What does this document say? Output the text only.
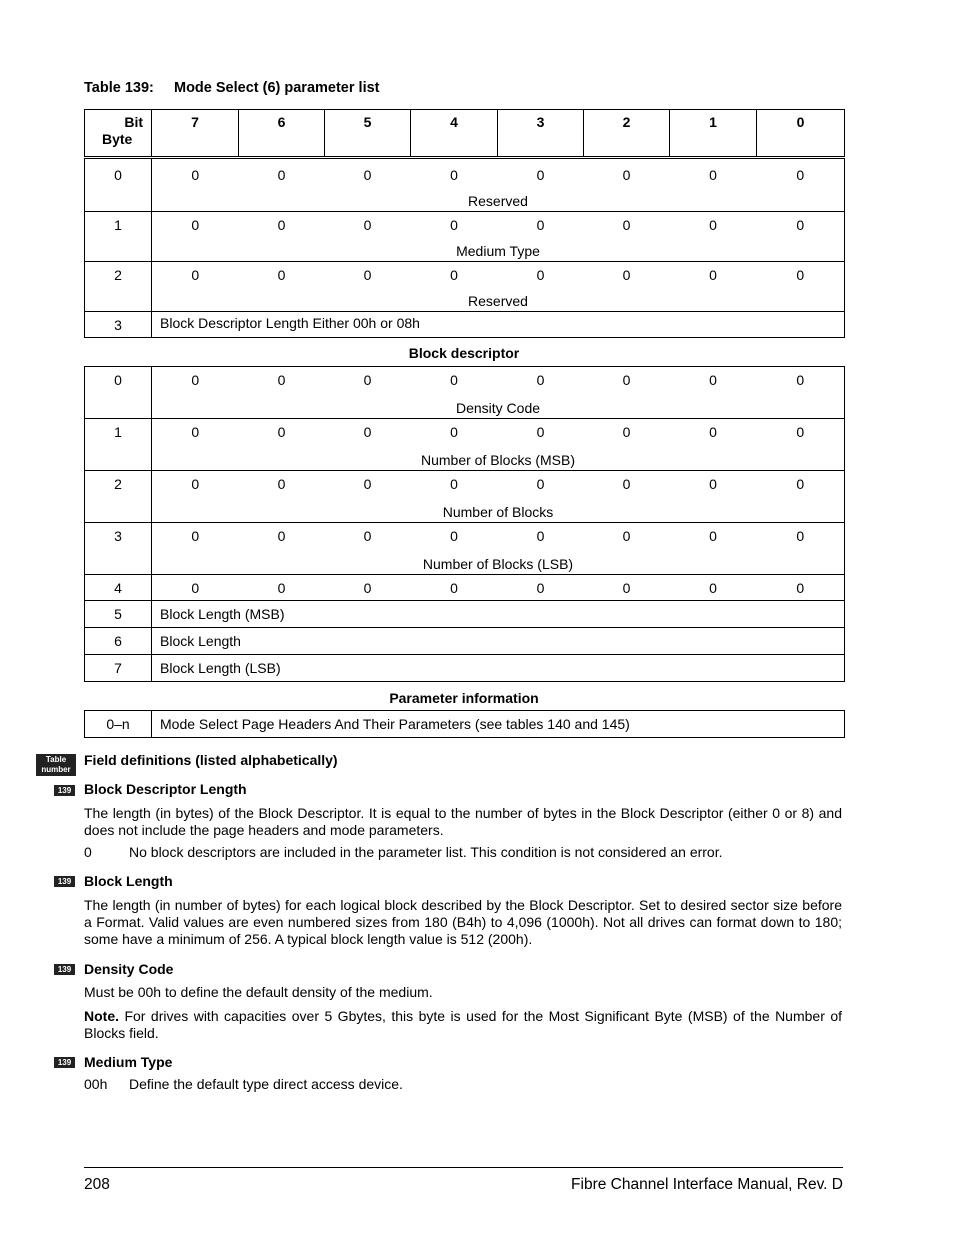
Table 139: Mode Select (6) parameter list
Bit
Byte	7	6	5	4	3	2	1	0
0	0	0	0	0	0	0	0	0
	Reserved							
1	0	0	0	0	0	0	0	0
	Medium Type							
2	0	0	0	0	0	0	0	0
	Reserved							
3	Block Descriptor Length Either 00h or 08h							
Block descriptor
0	0	0	0	0	0	0	0	0
	Density Code							
1	0	0	0	0	0	0	0	0
	Number of Blocks (MSB)							
2	0	0	0	0	0	0	0	0
	Number of Blocks							
3	0	0	0	0	0	0	0	0
	Number of Blocks (LSB)							
4	0	0	0	0	0	0	0	0
5	Block Length (MSB)							
6	Block Length							
7	Block Length (LSB)							
Parameter information
0–n	Mode Select Page Headers And Their Parameters (see tables 140 and 145)
Table
number
Field definitions (listed alphabetically)
139 Block Descriptor Length
The length (in bytes) of the Block Descriptor. It is equal to the number of bytes in the Block Descriptor (either 0 or 8) and does not include the page headers and mode parameters.
0	No block descriptors are included in the parameter list. This condition is not considered an error.
139 Block Length
The length (in number of bytes) for each logical block described by the Block Descriptor. Set to desired sector size before a Format. Valid values are even numbered sizes from 180 (B4h) to 4,096 (1000h). Not all drives can format down to 180; some have a minimum of 256. A typical block length value is 512 (200h).
139 Density Code
Must be 00h to define the default density of the medium.
Note. For drives with capacities over 5 Gbytes, this byte is used for the Most Significant Byte (MSB) of the Number of Blocks field.
139 Medium Type
00h Define the default type direct access device.
208	Fibre Channel Interface Manual, Rev. D
